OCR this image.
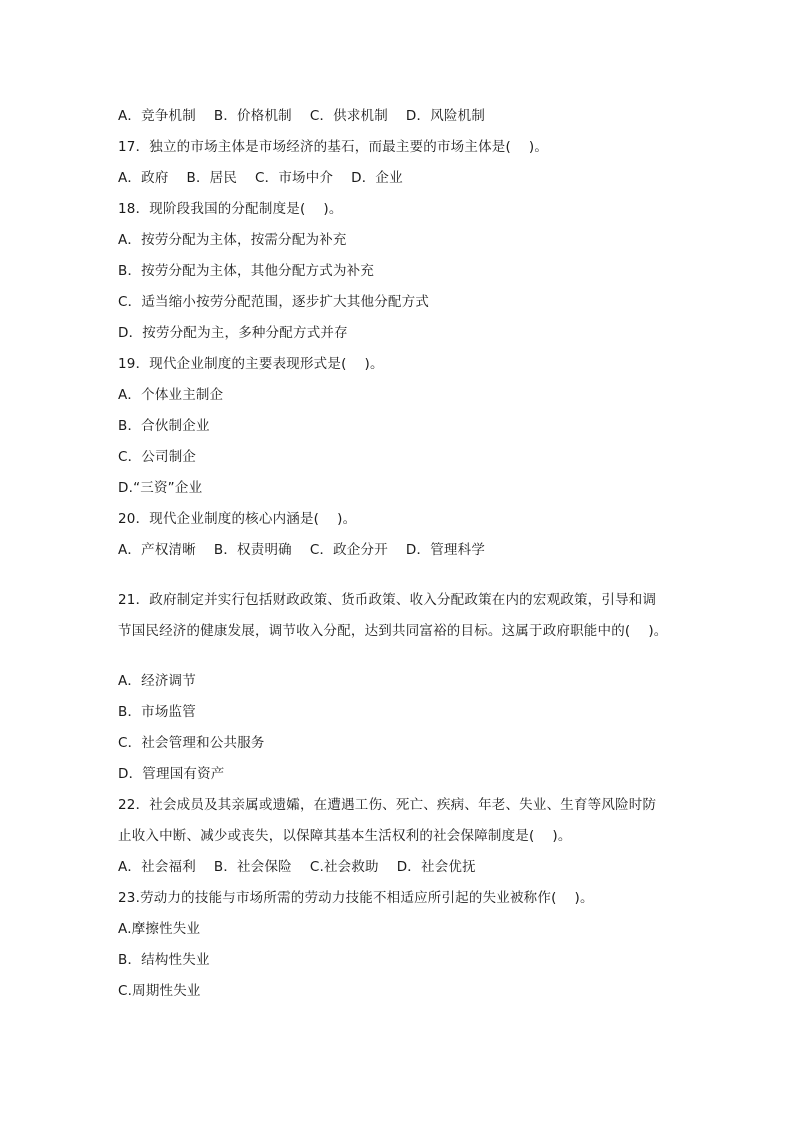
A．竞争机制    B．价格机制    C．供求机制    D．风险机制
17．独立的市场主体是市场经济的基石，而最主要的市场主体是(    )。
A．政府    B．居民    C．市场中介    D．企业
18．现阶段我国的分配制度是(    )。
A．按劳分配为主体，按需分配为补充
B．按劳分配为主体，其他分配方式为补充
C．适当缩小按劳分配范围，逐步扩大其他分配方式
D．按劳分配为主，多种分配方式并存
19．现代企业制度的主要表现形式是(    )。
A．个体业主制企
B．合伙制企业
C．公司制企
D.“三资”企业
20．现代企业制度的核心内涵是(    )。
A．产权清晰    B．权责明确    C．政企分开    D．管理科学
21．政府制定并实行包括财政政策、货币政策、收入分配政策在内的宏观政策，引导和调
节国民经济的健康发展，调节收入分配，达到共同富裕的目标。这属于政府职能中的(    )。
A．经济调节
B．市场监管
C．社会管理和公共服务
D．管理国有资产
22．社会成员及其亲属或遗孀，在遭遇工伤、死亡、疾病、年老、失业、生育等风险时防
止收入中断、减少或丧失，以保障其基本生活权利的社会保障制度是(    )。
A．社会福利    B．社会保险    C.社会救助    D．社会优抚
23.劳动力的技能与市场所需的劳动力技能不相适应所引起的失业被称作(    )。
A.摩擦性失业
B．结构性失业
C.周期性失业
